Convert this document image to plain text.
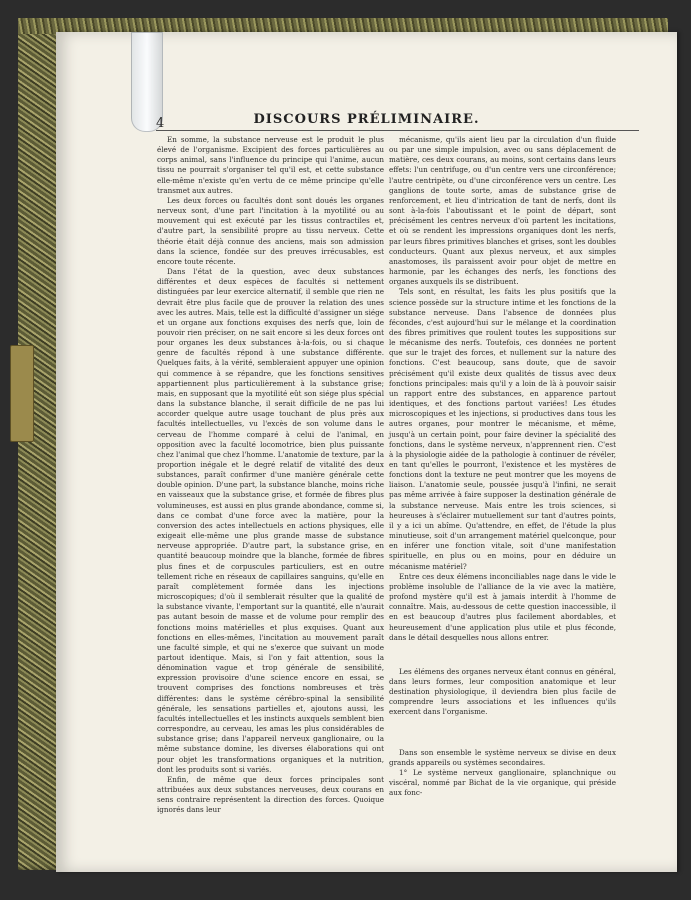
4	DISCOURS PRÉLIMINAIRE.

En somme, la substance nerveuse est le produit le plus élevé de l'organisme. Excipient des forces particulières au corps animal, sans l'influence du principe qui l'anime, aucun tissu ne pourrait s'organiser tel qu'il est, et cette substance elle-même n'existe qu'en vertu de ce même principe qu'elle transmet aux autres.

Les deux forces ou facultés dont sont doués les organes nerveux sont, d'une part l'incitation à la myotilité ou au mouvement qui est exécuté par les tissus contractiles et, d'autre part, la sensibilité propre au tissu nerveux. Cette théorie était déjà connue des anciens, mais son admission dans la science, fondée sur des preuves irrécusables, est encore toute récente.

Dans l'état de la question, avec deux substances différentes et deux espèces de facultés si nettement distinguées par leur exercice alternatif, il semble que rien ne devrait être plus facile que de prouver la relation des unes avec les autres. Mais, telle est la difficulté d'assigner un siége et un organe aux fonctions exquises des nerfs que, loin de pouvoir rien préciser, on ne sait encore si les deux forces ont pour organes les deux substances à-la-fois, ou si chaque genre de facultés répond à une substance différente. Quelques faits, à la vérité, sembleraient appuyer une opinion qui commence à se répandre, que les fonctions sensitives appartiennent plus particulièrement à la substance grise; mais, en supposant que la myotilité eût son siége plus spécial dans la substance blanche, il serait difficile de ne pas lui accorder quelque autre usage touchant de plus près aux facultés intellectuelles, vu l'excès de son volume dans le cerveau de l'homme comparé à celui de l'animal, en opposition avec la faculté locomotrice, bien plus puissante chez l'animal que chez l'homme. L'anatomie de texture, par la proportion inégale et le degré relatif de vitalité des deux substances, paraît confirmer d'une manière générale cette double opinion. D'une part, la substance blanche, moins riche en vaisseaux que la substance grise, et formée de fibres plus volumineuses, est aussi en plus grande abondance, comme si, dans ce combat d'une force avec la matière, pour la conversion des actes intellectuels en actions physiques, elle exigeait elle-même une plus grande masse de substance nerveuse appropriée. D'autre part, la substance grise, en quantité beaucoup moindre que la blanche, formée de fibres plus fines et de corpuscules particuliers, est en outre tellement riche en réseaux de capillaires sanguins, qu'elle en paraît complètement formée dans les injections microscopiques; d'où il semblerait résulter que la qualité de la substance vivante, l'emportant sur la quantité, elle n'aurait pas autant besoin de masse et de volume pour remplir des fonctions moins matérielles et plus exquises. Quant aux fonctions en elles-mêmes, l'incitation au mouvement paraît une faculté simple, et qui ne s'exerce que suivant un mode partout identique. Mais, si l'on y fait attention, sous la dénomination vague et trop générale de sensibilité, expression provisoire d'une science encore en essai, se trouvent comprises des fonctions nombreuses et très différentes: dans le système cérébro-spinal la sensibilité générale, les sensations partielles et, ajoutons aussi, les facultés intellectuelles et les instincts auxquels semblent bien correspondre, au cerveau, les amas les plus considérables de substance grise; dans l'appareil nerveux ganglionaire, ou la même substance domine, les diverses élaborations qui ont pour objet les transformations organiques et la nutrition, dont les produits sont si variés.

Enfin, de même que deux forces principales sont attribuées aux deux substances nerveuses, deux courans en sens contraire représentent la direction des forces. Quoique ignorés dans leur

mécanisme, qu'ils aient lieu par la circulation d'un fluide ou par une simple impulsion, avec ou sans déplacement de matière, ces deux courans, au moins, sont certains dans leurs effets: l'un centrifuge, ou d'un centre vers une circonférence; l'autre centripète, ou d'une circonférence vers un centre. Les ganglions de toute sorte, amas de substance grise de renforcement, et lieu d'intrication de tant de nerfs, dont ils sont à-la-fois l'aboutissant et le point de départ, sont précisément les centres nerveux d'où partent les incitations, et où se rendent les impressions organiques dont les nerfs, par leurs fibres primitives blanches et grises, sont les doubles conducteurs. Quant aux plexus nerveux, et aux simples anastomoses, ils paraissent avoir pour objet de mettre en harmonie, par les échanges des nerfs, les fonctions des organes auxquels ils se distribuent.

Tels sont, en résultat, les faits les plus positifs que la science possède sur la structure intime et les fonctions de la substance nerveuse. Dans l'absence de données plus fécondes, c'est aujourd'hui sur le mélange et la coordination des fibres primitives que roulent toutes les suppositions sur le mécanisme des nerfs. Toutefois, ces données ne portent que sur le trajet des forces, et nullement sur la nature des fonctions. C'est beaucoup, sans doute, que de savoir précisément qu'il existe deux qualités de tissus avec deux fonctions principales: mais qu'il y a loin de là à pouvoir saisir un rapport entre des substances, en apparence partout identiques, et des fonctions partout variées! Les études microscopiques et les injections, si productives dans tous les autres organes, pour montrer le mécanisme, et même, jusqu'à un certain point, pour faire deviner la spécialité des fonctions, dans le système nerveux, n'apprennent rien. C'est à la physiologie aidée de la pathologie à continuer de révéler, en tant qu'elles le pourront, l'existence et les mystères de fonctions dont la texture ne peut montrer que les moyens de liaison. L'anatomie seule, poussée jusqu'à l'infini, ne serait pas même arrivée à faire supposer la destination générale de la substance nerveuse. Mais entre les trois sciences, si heureuses à s'éclairer mutuellement sur tant d'autres points, il y a ici un abîme. Qu'attendre, en effet, de l'étude la plus minutieuse, soit d'un arrangement matériel quelconque, pour en inférer une fonction vitale, soit d'une manifestation spirituelle, en plus ou en moins, pour en déduire un mécanisme matériel?

Entre ces deux élémens inconciliables nage dans le vide le problème insoluble de l'alliance de la vie avec la matière, profond mystère qu'il est à jamais interdit à l'homme de connaître. Mais, au-dessous de cette question inaccessible, il en est beaucoup d'autres plus facilement abordables, et heureusement d'une application plus utile et plus féconde, dans le détail desquelles nous allons entrer.

Les élémens des organes nerveux étant connus en général, dans leurs formes, leur composition anatomique et leur destination physiologique, il deviendra bien plus facile de comprendre leurs associations et les influences qu'ils exercent dans l'organisme.

Dans son ensemble le système nerveux se divise en deux grands appareils ou systèmes secondaires.

1° Le système nerveux ganglionaire, splanchnique ou viscéral, nommé par Bichat de la vie organique, qui préside aux fonc-
